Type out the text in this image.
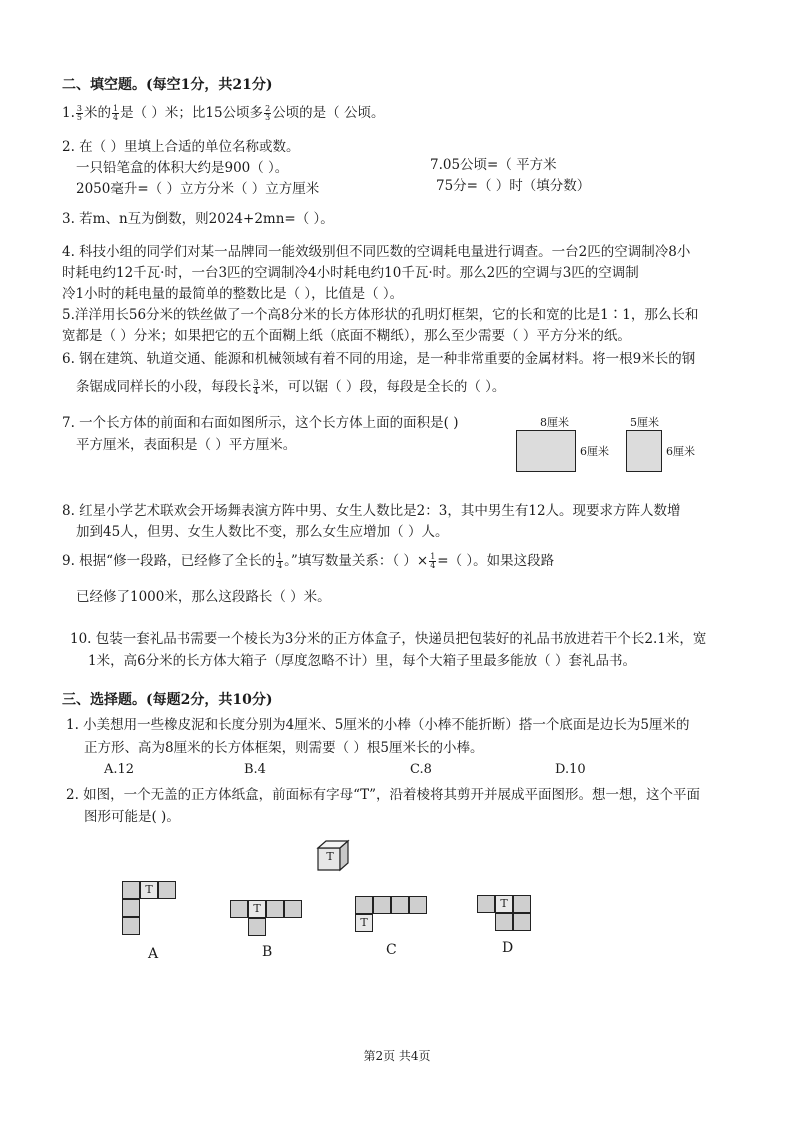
二、填空题。(每空1分，共21分)
1. $\frac{3}{5}$ 米的 $\frac{1}{4}$ 是（ ）米；比15公顷多 $\frac{2}{3}$ 公顷的是（ 公顷。
2. 在（ ）里填上合适的单位名称或数。
一只铅笔盒的体积大约是900（ ）。	7.05公顷=（ 平方米
2050毫升=（ ）立方分米（ ）立方厘米	75分=（ ）时（填分数）
3. 若m、n互为倒数，则2024+2mn=（ ）。
4. 科技小组的同学们对某一品牌同一能效级别但不同匹数的空调耗电量进行调查。一台2匹的空调制冷8小
时耗电约12千瓦·时，一台3匹的空调制冷4小时耗电约10千瓦·时。那么2匹的空调与3匹的空调制
冷1小时的耗电量的最简单的整数比是（ ），比值是（ ）。
5.洋洋用长56分米的铁丝做了一个高8分米的长方体形状的孔明灯框架，它的长和宽的比是1∶1，那么长和
宽都是（ ）分米；如果把它的五个面糊上纸（底面不糊纸），那么至少需要（ ）平方分米的纸。
6. 钢在建筑、轨道交通、能源和机械领域有着不同的用途，是一种非常重要的金属材料。将一根9米长的钢
条锯成同样长的小段，每段长 $\frac{3}{4}$ 米，可以锯（ ）段，每段是全长的（ ）。
7. 一个长方体的前面和右面如图所示，这个长方体上面的面积是( )
平方厘米，表面积是（ ）平方厘米。
8厘米
6厘米
5厘米
6厘米
8. 红星小学艺术联欢会开场舞表演方阵中男、女生人数比是2：3，其中男生有12人。现要求方阵人数增
加到45人，但男、女生人数比不变，那么女生应增加（ ）人。
9. 根据“修一段路，已经修了全长的 $\frac{1}{4}$ 。”填写数量关系：（ ）× $\frac{1}{4}$ =（ ）。如果这段路
已经修了1000米，那么这段路长（ ）米。
10. 包装一套礼品书需要一个棱长为3分米的正方体盒子，快递员把包装好的礼品书放进若干个长2.1米，宽
1米，高6分米的长方体大箱子（厚度忽略不计）里，每个大箱子里最多能放（ ）套礼品书。
三、选择题。(每题2分，共10分)
1. 小美想用一些橡皮泥和长度分别为4厘米、5厘米的小棒（小棒不能折断）搭一个底面是边长为5厘米的
正方形、高为8厘米的长方体框架，则需要（ ）根5厘米长的小棒。
A.12	B.4	C.8	D.10
2. 如图，一个无盖的正方体纸盒，前面标有字母“T”，沿着棱将其剪开并展成平面图形。想一想，这个平面
图形可能是( )。
T
T
A
T
B
T
C
T
D
第2页 共4页
